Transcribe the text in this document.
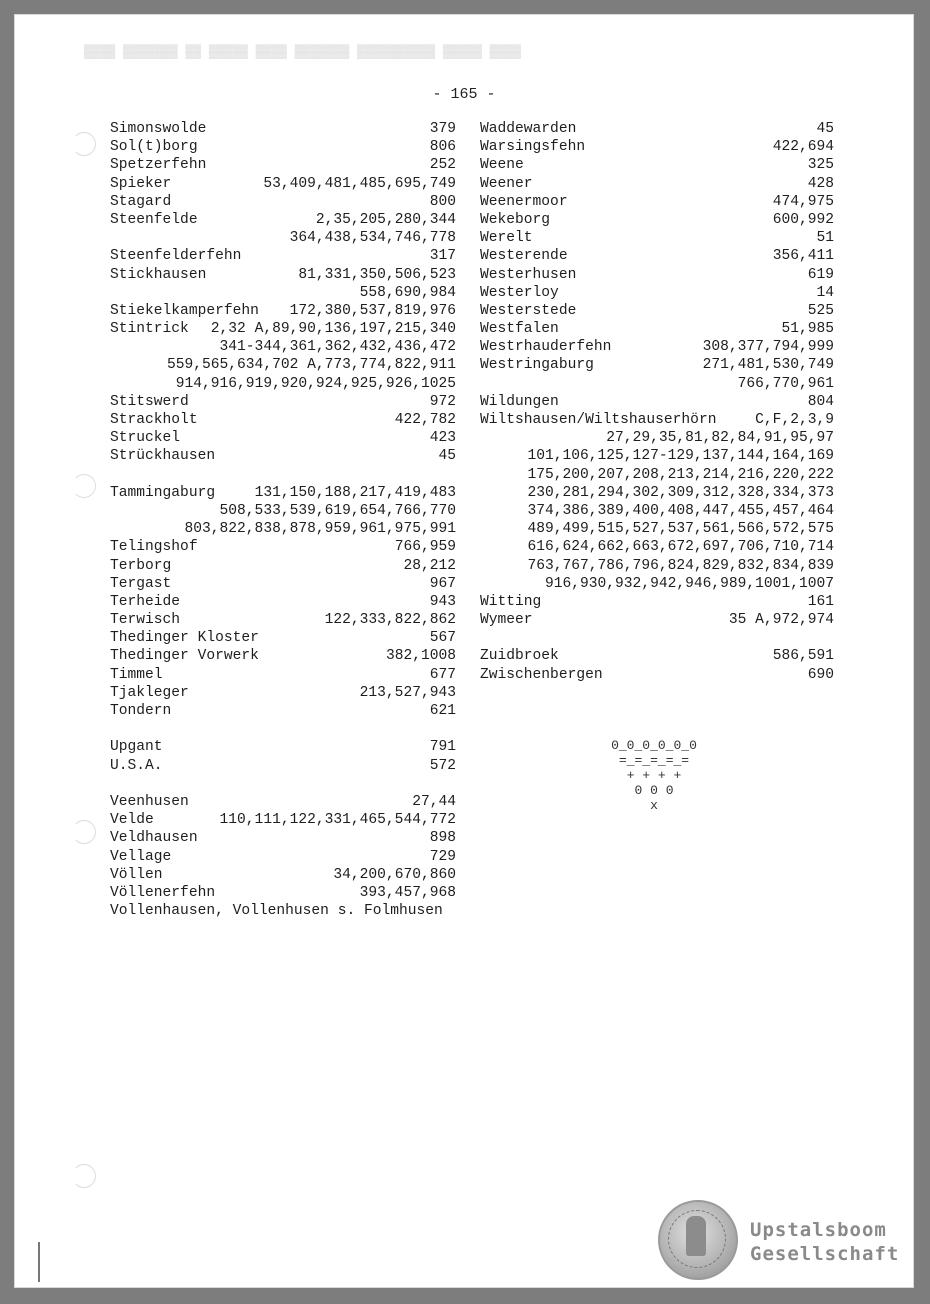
▓▓▓▓ ▓▓▓▓▓▓▓ ▓▓ ▓▓▓▓▓ ▓▓▓▓ ▓▓▓▓▓▓▓ ▓▓▓▓▓▓▓▓▓▓ ▓▓▓▓▓ ▓▓▓▓
- 165 -
Simonswolde	379
Sol(t)borg	806
Spetzerfehn	252
Spieker	53,409,481,485,695,749
Stagard	800
Steenfelde	2,35,205,280,344
364,438,534,746,778
Steenfelderfehn	317
Stickhausen	81,331,350,506,523
558,690,984
Stiekelkamperfehn 172,380,537,819,976
Stintrick 2,32 A,89,90,136,197,215,340
341-344,361,362,432,436,472
559,565,634,702 A,773,774,822,911
914,916,919,920,924,925,926,1025
Stitswerd	972
Strackholt	422,782
Struckel	423
Strückhausen	45
Tammingaburg	131,150,188,217,419,483
508,533,539,619,654,766,770
803,822,838,878,959,961,975,991
Telingshof	766,959
Terborg	28,212
Tergast	967
Terheide	943
Terwisch	122,333,822,862
Thedinger Kloster	567
Thedinger Vorwerk	382,1008
Timmel	677
Tjakleger	213,527,943
Tondern	621
Upgant	791
U.S.A.	572
Veenhusen	27,44
Velde	110,111,122,331,465,544,772
Veldhausen	898
Vellage	729
Völlen	34,200,670,860
Völlenerfehn	393,457,968
Vollenhausen, Vollenhusen s. Folmhusen
Waddewarden	45
Warsingsfehn	422,694
Weene	325
Weener	428
Weenermoor	474,975
Wekeborg	600,992
Werelt	51
Westerende	356,411
Westerhusen	619
Westerloy	14
Westerstede	525
Westfalen	51,985
Westrhauderfehn	308,377,794,999
Westringaburg	271,481,530,749
766,770,961
Wildungen	804
Wiltshausen/Wiltshauserhörn	C,F,2,3,9
27,29,35,81,82,84,91,95,97
101,106,125,127-129,137,144,164,169
175,200,207,208,213,214,216,220,222
230,281,294,302,309,312,328,334,373
374,386,389,400,408,447,455,457,464
489,499,515,527,537,561,566,572,575
616,624,662,663,672,697,706,710,714
763,767,786,796,824,829,832,834,839
916,930,932,942,946,989,1001,1007
Witting	161
Wymeer	35 A,972,974
Zuidbroek	586,591
Zwischenbergen	690
0_0_0_0_0_0
=_=_=_=_=
+ + + +
0 0 0
x
Upstalsboom
Gesellschaft
